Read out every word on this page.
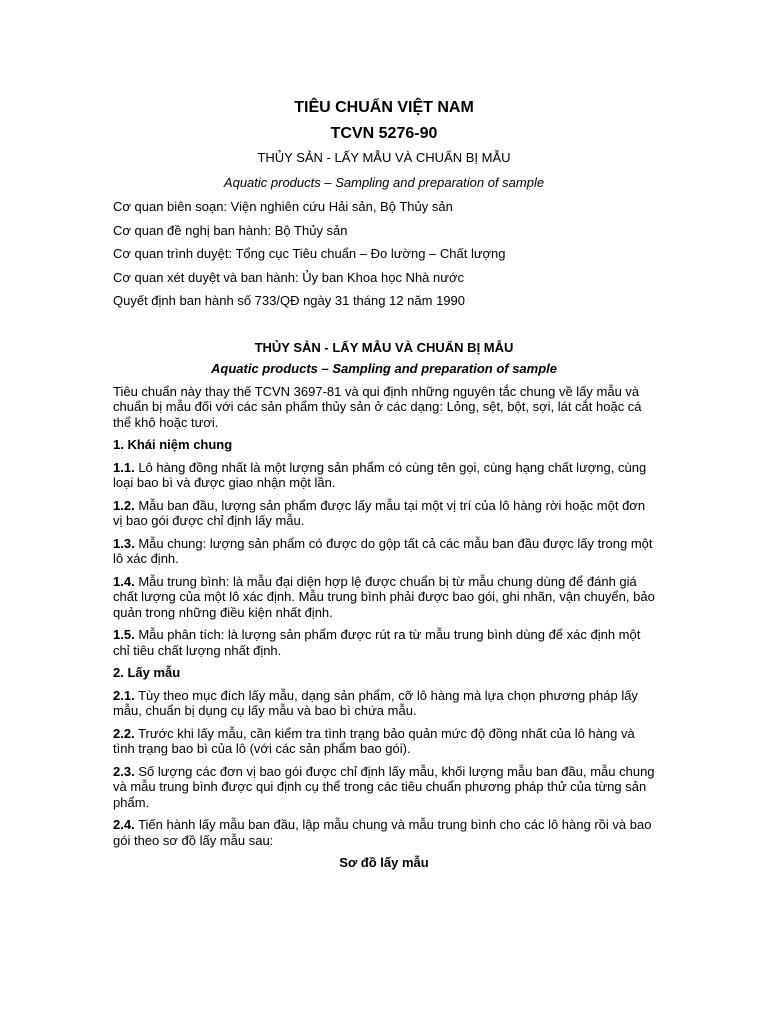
TIÊU CHUẨN VIỆT NAM
TCVN 5276-90
THỦY SẢN - LẤY MẪU VÀ CHUẨN BỊ MẪU
Aquatic products – Sampling and preparation of sample
Cơ quan biên soạn: Viện nghiên cứu Hải sản, Bộ Thủy sản
Cơ quan đề nghị ban hành: Bộ Thủy sản
Cơ quan trình duyệt: Tổng cục Tiêu chuẩn – Đo lường – Chất lượng
Cơ quan xét duyệt và ban hành: Ủy ban Khoa học Nhà nước
Quyết định ban hành số 733/QĐ ngày 31 tháng 12 năm 1990
THỦY SẢN - LẤY MẪU VÀ CHUẨN BỊ MẪU
Aquatic products – Sampling and preparation of sample

Tiêu chuẩn này thay thế TCVN 3697-81 và qui định những nguyên tắc chung về lấy mẫu và chuẩn bị mẫu đối với các sản phẩm thủy sản ở các dạng: Lỏng, sệt, bột, sợi, lát cắt hoặc cá thể khô hoặc tươi.

1. Khái niệm chung

1.1. Lô hàng đồng nhất là một lượng sản phẩm có cùng tên gọi, cùng hạng chất lượng, cùng loại bao bì và được giao nhận một lần.

1.2. Mẫu ban đầu, lượng sản phẩm được lấy mẫu tại một vị trí của lô hàng rời hoặc một đơn vị bao gói được chỉ định lấy mẫu.

1.3. Mẫu chung: lượng sản phẩm có được do gộp tất cả các mẫu ban đầu được lấy trong một lô xác định.

1.4. Mẫu trung bình: là mẫu đại diện hợp lệ được chuẩn bị từ mẫu chung dùng để đánh giá chất lượng của một lô xác định. Mẫu trung bình phải được bao gói, ghi nhãn, vận chuyển, bảo quản trong những điều kiện nhất định.

1.5. Mẫu phân tích: là lượng sản phẩm được rút ra từ mẫu trung bình dùng để xác định một chỉ tiêu chất lượng nhất định.

2. Lấy mẫu

2.1. Tùy theo mục đích lấy mẫu, dạng sản phẩm, cỡ lô hàng mà lựa chọn phương pháp lấy mẫu, chuẩn bị dụng cụ lấy mẫu và bao bì chứa mẫu.

2.2. Trước khi lấy mẫu, cần kiểm tra tình trạng bảo quản mức độ đồng nhất của lô hàng và tình trạng bao bì của lô (với các sản phẩm bao gói).

2.3. Số lượng các đơn vị bao gói được chỉ định lấy mẫu, khối lượng mẫu ban đầu, mẫu chung và mẫu trung bình được qui định cụ thể trong các tiêu chuẩn phương pháp thử của từng sản phẩm.

2.4. Tiến hành lấy mẫu ban đầu, lập mẫu chung và mẫu trung bình cho các lô hàng rồi và bao gói theo sơ đồ lấy mẫu sau:

Sơ đồ lấy mẫu
